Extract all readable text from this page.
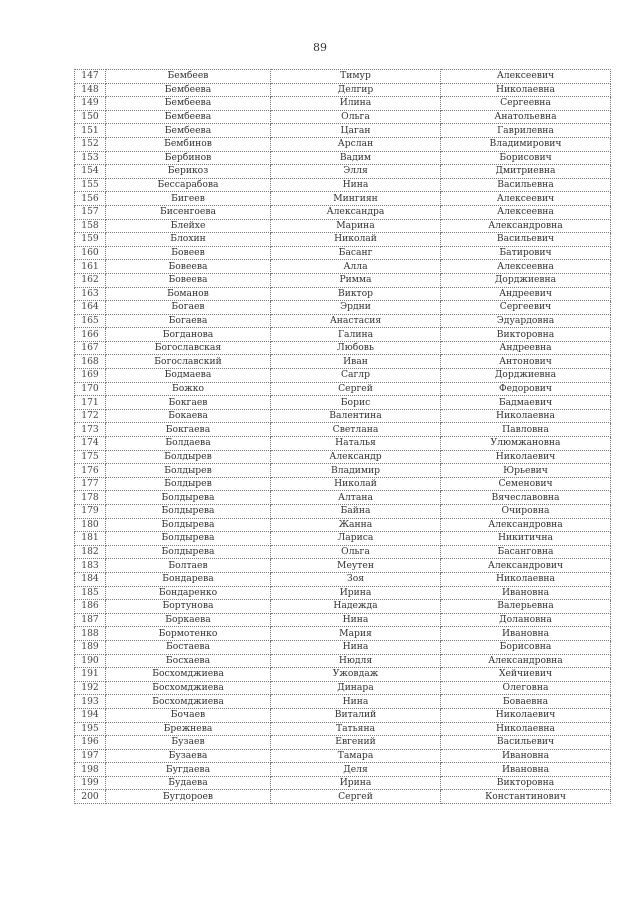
89
147	Бембеев	Тимур	Алексеевич
148	Бембеева	Делгир	Николаевна
149	Бембеева	Илина	Сергеевна
150	Бембеева	Ольга	Анатольевна
151	Бембеева	Цаган	Гаврилевна
152	Бембинов	Арслан	Владимирович
153	Бербинов	Вадим	Борисович
154	Берикоз	Элля	Дмитриевна
155	Бессарабова	Нина	Васильевна
156	Бигеев	Мингиян	Алексеевич
157	Бисенгоева	Александра	Алексеевна
158	Блейхе	Марина	Александровна
159	Блохин	Николай	Васильевич
160	Бовеев	Басанг	Батирович
161	Бовеева	Алла	Алексеевна
162	Бовеева	Римма	Дорджиевна
163	Боманов	Виктор	Андреевич
164	Богаев	Эрдни	Сергеевич
165	Богаева	Анастасия	Эдуардовна
166	Богданова	Галина	Викторовна
167	Богославская	Любовь	Андреевна
168	Богославский	Иван	Антонович
169	Бодмаева	Саглр	Дорджиевна
170	Божко	Сергей	Федорович
171	Бокгаев	Борис	Бадмаевич
172	Бокаева	Валентина	Николаевна
173	Бокгаева	Светлана	Павловна
174	Болдаева	Наталья	Улюмжановна
175	Болдырев	Александр	Николаевич
176	Болдырев	Владимир	Юрьевич
177	Болдырев	Николай	Семенович
178	Болдырева	Алтана	Вячеславовна
179	Болдырева	Байна	Очировна
180	Болдырева	Жанна	Александровна
181	Болдырева	Лариса	Никитична
182	Болдырева	Ольга	Басанговна
183	Болтаев	Меутен	Александрович
184	Бондарева	Зоя	Николаевна
185	Бондаренко	Ирина	Ивановна
186	Бортунова	Надежда	Валерьевна
187	Боркаева	Нина	Долановна
188	Бормотенко	Мария	Ивановна
189	Бостаева	Нина	Борисовна
190	Босхаева	Нюдля	Александровна
191	Босхомджиева	Ужовдаж	Хейчиевич
192	Босхомджиева	Динара	Олеговна
193	Босхомджиева	Нина	Боваевна
194	Бочаев	Виталий	Николаевич
195	Брежнева	Татьяна	Николаевна
196	Бузаев	Евгений	Васильевич
197	Бузаева	Тамара	Ивановна
198	Бугдаева	Деля	Ивановна
199	Будаева	Ирина	Викторовна
200	Бугдороев	Сергей	Константинович
